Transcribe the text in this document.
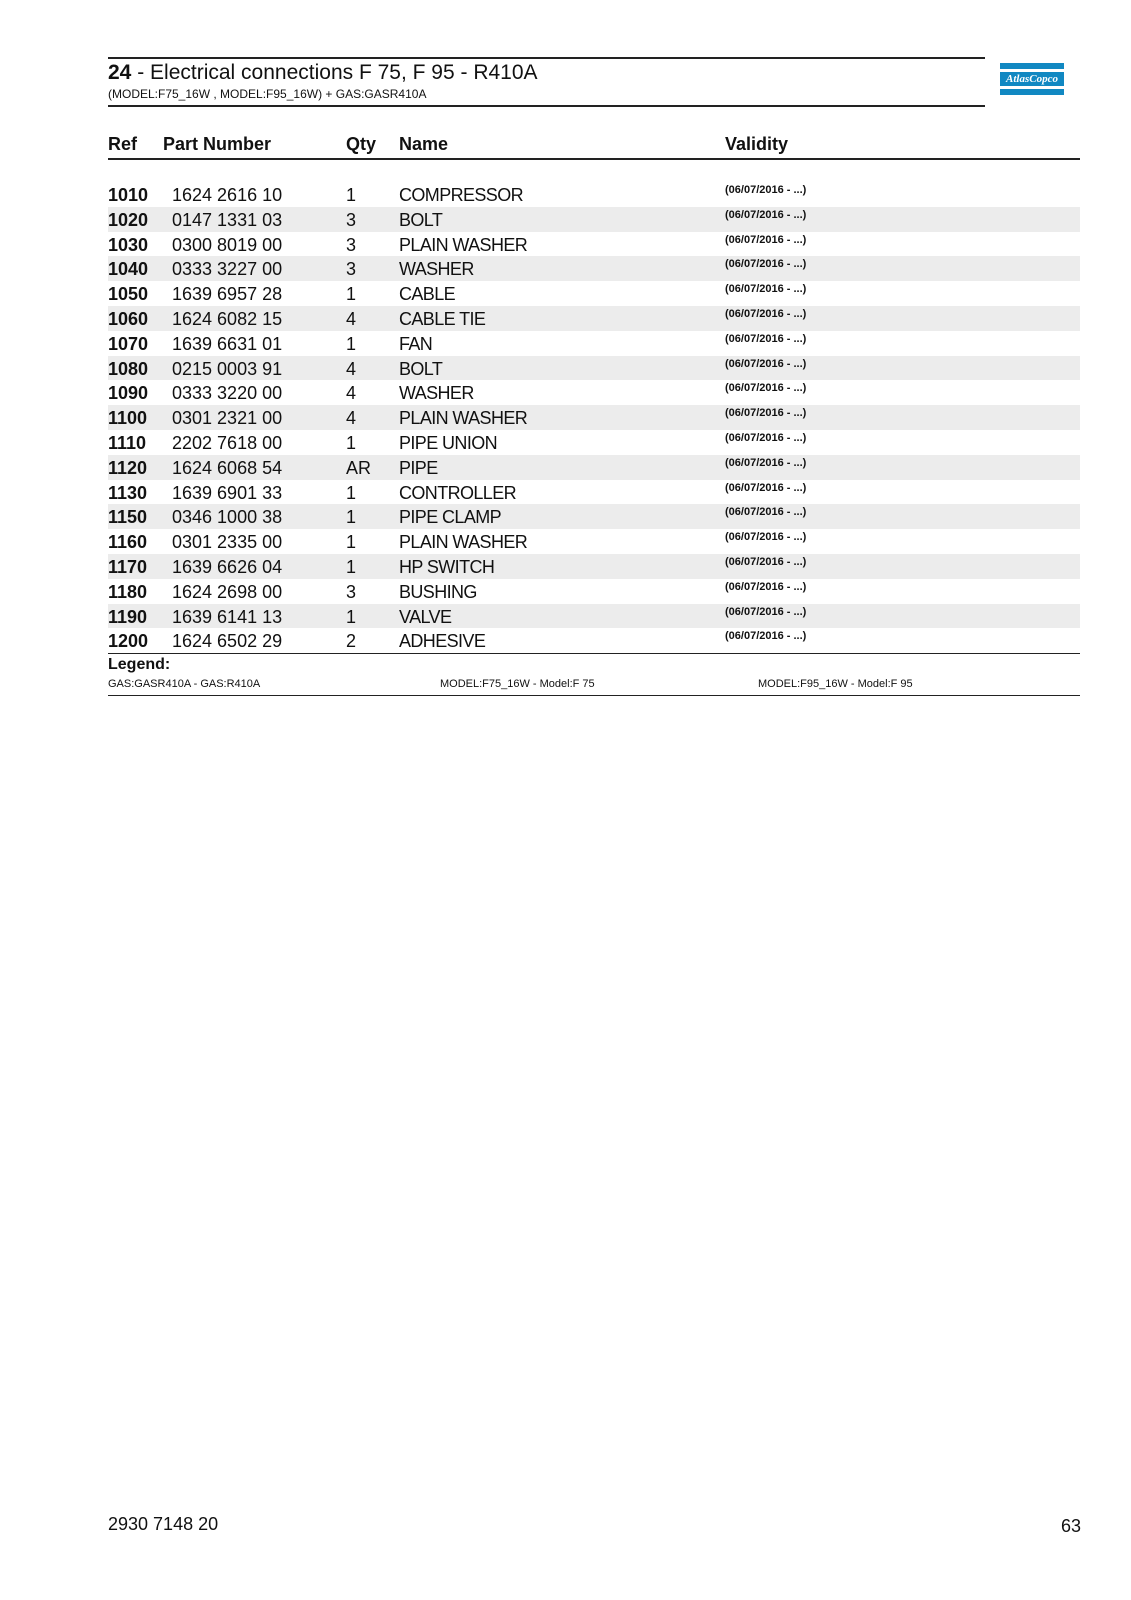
24 - Electrical connections F 75, F 95 - R410A
(MODEL:F75_16W , MODEL:F95_16W) + GAS:GASR410A
AtlasCopco
Ref Part Number	Qty Name	Validity
1010 1624 2616 10	1 COMPRESSOR	(06/07/2016 - ...)
1020 0147 1331 03	3 BOLT	(06/07/2016 - ...)
1030 0300 8019 00	3 PLAIN WASHER	(06/07/2016 - ...)
1040 0333 3227 00	3 WASHER	(06/07/2016 - ...)
1050 1639 6957 28	1 CABLE	(06/07/2016 - ...)
1060 1624 6082 15	4 CABLE TIE	(06/07/2016 - ...)
1070 1639 6631 01	1 FAN	(06/07/2016 - ...)
1080 0215 0003 91	4 BOLT	(06/07/2016 - ...)
1090 0333 3220 00	4 WASHER	(06/07/2016 - ...)
1100 0301 2321 00	4 PLAIN WASHER	(06/07/2016 - ...)
1110 2202 7618 00	1 PIPE UNION	(06/07/2016 - ...)
1120 1624 6068 54	AR PIPE	(06/07/2016 - ...)
1130 1639 6901 33	1 CONTROLLER	(06/07/2016 - ...)
1150 0346 1000 38	1 PIPE CLAMP	(06/07/2016 - ...)
1160 0301 2335 00	1 PLAIN WASHER	(06/07/2016 - ...)
1170 1639 6626 04	1 HP SWITCH	(06/07/2016 - ...)
1180 1624 2698 00	3 BUSHING	(06/07/2016 - ...)
1190 1639 6141 13	1 VALVE	(06/07/2016 - ...)
1200 1624 6502 29	2 ADHESIVE	(06/07/2016 - ...)
Legend:
GAS:GASR410A - GAS:R410A	MODEL:F75_16W - Model:F 75	MODEL:F95_16W - Model:F 95
2930 7148 20	63
